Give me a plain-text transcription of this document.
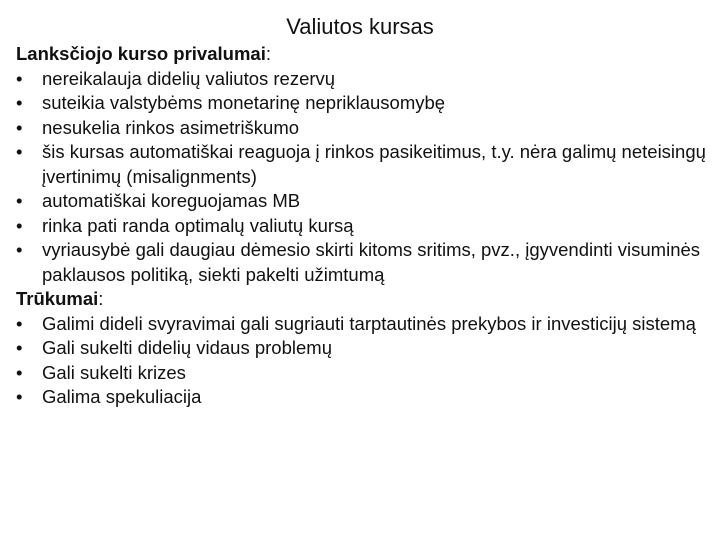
Valiutos kursas
Lanksčiojo kurso privalumai:
•	nereikalauja didelių valiutos rezervų
•	suteikia valstybėms monetarinę nepriklausomybę
•	nesukelia rinkos asimetriškumo
•	šis kursas automatiškai reaguoja į rinkos pasikeitimus, t.y. nėra galimų neteisingų įvertinimų (misalignments)
•	automatiškai koreguojamas MB
•	rinka pati randa optimalų valiutų kursą
•	vyriausybė gali daugiau dėmesio skirti kitoms sritims, pvz., įgyvendinti visuminės paklausos politiką, siekti pakelti užimtumą
Trūkumai:
•	Galimi dideli svyravimai gali sugriauti tarptautinės prekybos ir investicijų sistemą
•	Gali sukelti didelių vidaus problemų
•	Gali sukelti krizes
•	Galima spekuliacija
